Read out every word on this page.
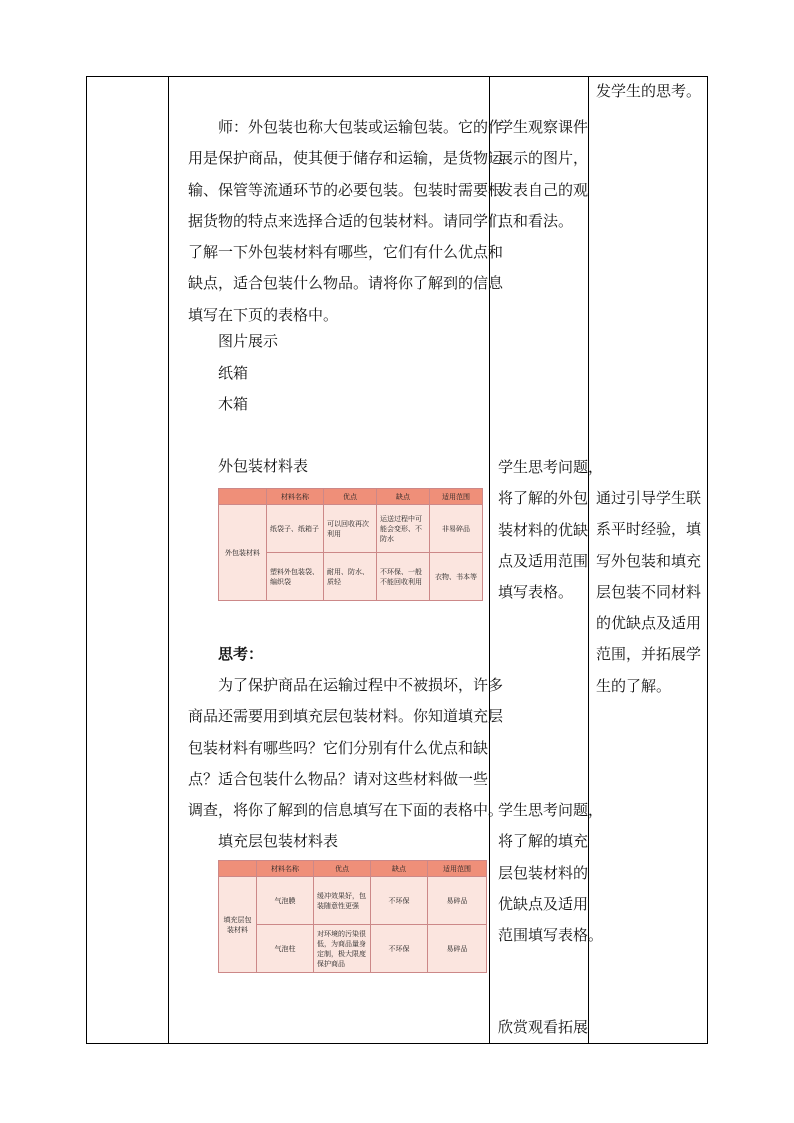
师：外包装也称大包装或运输包装。它的作
用是保护商品，使其便于储存和运输，是货物运
输、保管等流通环节的必要包装。包装时需要根
据货物的特点来选择合适的包装材料。请同学们
了解一下外包装材料有哪些，它们有什么优点和
缺点，适合包装什么物品。请将你了解到的信息
填写在下页的表格中。
图片展示
纸箱
木箱
外包装材料表
	材料名称	优点	缺点	适用范围
外包装材料	纸袋子、纸箱子	可以回收再次利用	运送过程中可能会变形、不防水	非易碎品
	塑料外包装袋、编织袋	耐用、防水、质轻	不环保、一般不能回收利用	衣物、书本等
思考：
为了保护商品在运输过程中不被损坏，许多
商品还需要用到填充层包装材料。你知道填充层
包装材料有哪些吗？它们分别有什么优点和缺
点？适合包装什么物品？请对这些材料做一些
调查，将你了解到的信息填写在下面的表格中。
填充层包装材料表
	材料名称	优点	缺点	适用范围
填充层包装材料	气泡膜	缓冲效果好，包装随意性更强	不环保	易碎品
	气泡柱	对环境的污染很低，为商品量身定制，极大限度保护商品	不环保	易碎品
学生观察课件
展示的图片，
发表自己的观
点和看法。
学生思考问题，
将了解的外包
装材料的优缺
点及适用范围
填写表格。
学生思考问题，
将了解的填充
层包装材料的
优缺点及适用
范围填写表格。
欣赏观看拓展
发学生的思考。
通过引导学生联
系平时经验，填
写外包装和填充
层包装不同材料
的优缺点及适用
范围，并拓展学
生的了解。
